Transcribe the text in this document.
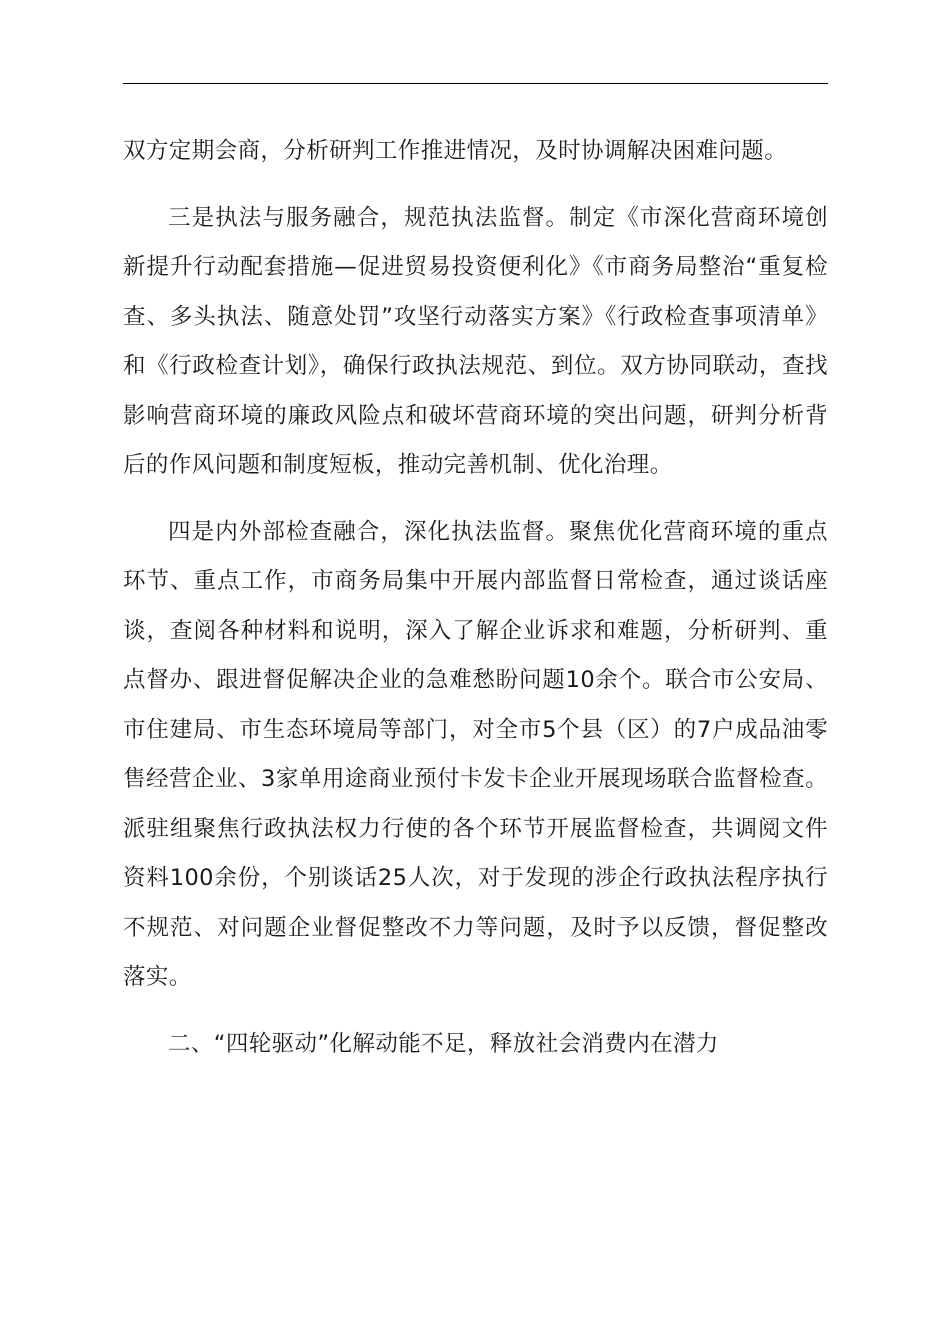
双方定期会商，分析研判工作推进情况，及时协调解决困难问题。

三是执法与服务融合，规范执法监督。制定《市深化营商环境创新提升行动配套措施—促进贸易投资便利化》《市商务局整治“重复检查、多头执法、随意处罚”攻坚行动落实方案》《行政检查事项清单》和《行政检查计划》，确保行政执法规范、到位。双方协同联动，查找影响营商环境的廉政风险点和破坏营商环境的突出问题，研判分析背后的作风问题和制度短板，推动完善机制、优化治理。

四是内外部检查融合，深化执法监督。聚焦优化营商环境的重点环节、重点工作，市商务局集中开展内部监督日常检查，通过谈话座谈，查阅各种材料和说明，深入了解企业诉求和难题，分析研判、重点督办、跟进督促解决企业的急难愁盼问题10余个。联合市公安局、市住建局、市生态环境局等部门，对全市5个县（区）的7户成品油零售经营企业、3家单用途商业预付卡发卡企业开展现场联合监督检查。派驻组聚焦行政执法权力行使的各个环节开展监督检查，共调阅文件资料100余份，个别谈话25人次，对于发现的涉企行政执法程序执行不规范、对问题企业督促整改不力等问题，及时予以反馈，督促整改落实。

二、“四轮驱动”化解动能不足，释放社会消费内在潜力
